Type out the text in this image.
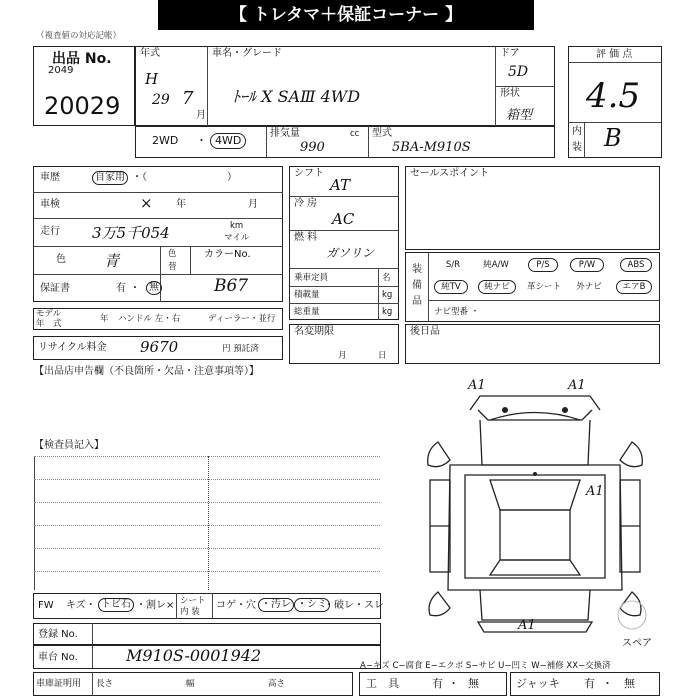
【 トレタマ＋保証コーナー 】
（複査値の対応記帳）
出品 No.
2049
20029
年式
H
29 7
月
車名・グレード
ﾄｰﾙ X SAⅢ 4WD
ドア
5D
形状
箱型
評 価 点
4.5
内
装 B
2WD ・ 4WD
排気量	cc
990
型式
5BA-M910S
車歴	自家用 ・（　　　　　　　　）
車検	× 年	月
走行 3万5千054	km
マイル
色	青	色
替
カラーNo.
B67
保証書	有 ・ 無
モデル
年　式	年 ハンドル 左・右	ディーラー・並行
リサイクル料金 9670	円 預託済
シフト
AT
冷 房
AC
燃 料
ガソリン
乗車定員	名
積載量	kg
総重量	kg
名変期限
月	日
セールスポイント
装
備
品
S/R	純A/W	P/S	P/W	ABS
純TV	純ナビ	革シート	外ナビ	エアB
ナビ型番 ・
後日品
【出品店申告欄（不良箇所・欠品・注意事項等）】
【検査員記入】
A1	A1
A1
A1
スペア
FW キズ・ トビ石 ・割レ× シート
内 装
コゲ・穴 ・汚レ ・シミ
・破レ・スレ
登録 No.
車台 No.	M910S-0001942
A−キズ C−腐食 E−エクボ S−サビ U−凹ミ W−補修 XX−交換済
車庫証明用 長さ	幅	高さ	工　具	有 ・ 無	ジャッキ 有 ・ 無
